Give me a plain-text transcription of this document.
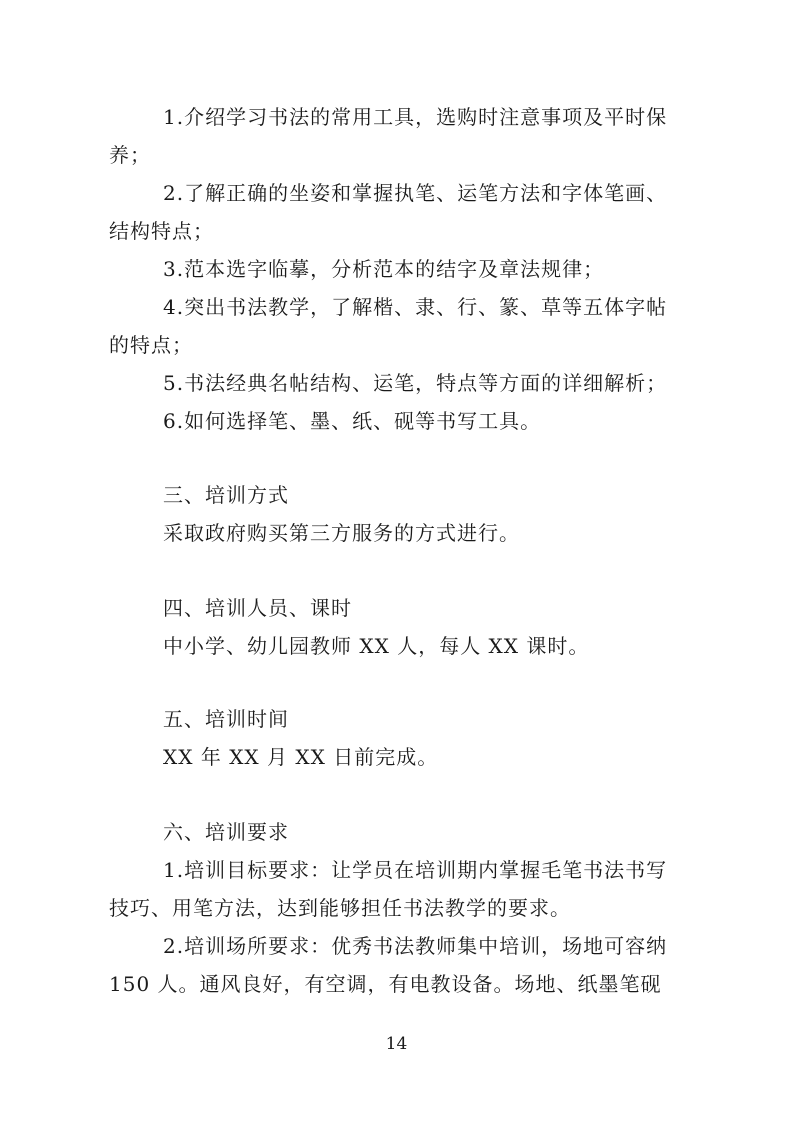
1.介绍学习书法的常用工具，选购时注意事项及平时保
养；
2.了解正确的坐姿和掌握执笔、运笔方法和字体笔画、
结构特点；
3.范本选字临摹，分析范本的结字及章法规律；
4.突出书法教学，了解楷、隶、行、篆、草等五体字帖
的特点；
5.书法经典名帖结构、运笔，特点等方面的详细解析；
6.如何选择笔、墨、纸、砚等书写工具。
三、培训方式
采取政府购买第三方服务的方式进行。
四、培训人员、课时
中小学、幼儿园教师 XX 人，每人 XX 课时。
五、培训时间
XX 年 XX 月 XX 日前完成。
六、培训要求
1.培训目标要求：让学员在培训期内掌握毛笔书法书写
技巧、用笔方法，达到能够担任书法教学的要求。
2.培训场所要求：优秀书法教师集中培训，场地可容纳
150 人。通风良好，有空调，有电教设备。场地、纸墨笔砚
14
